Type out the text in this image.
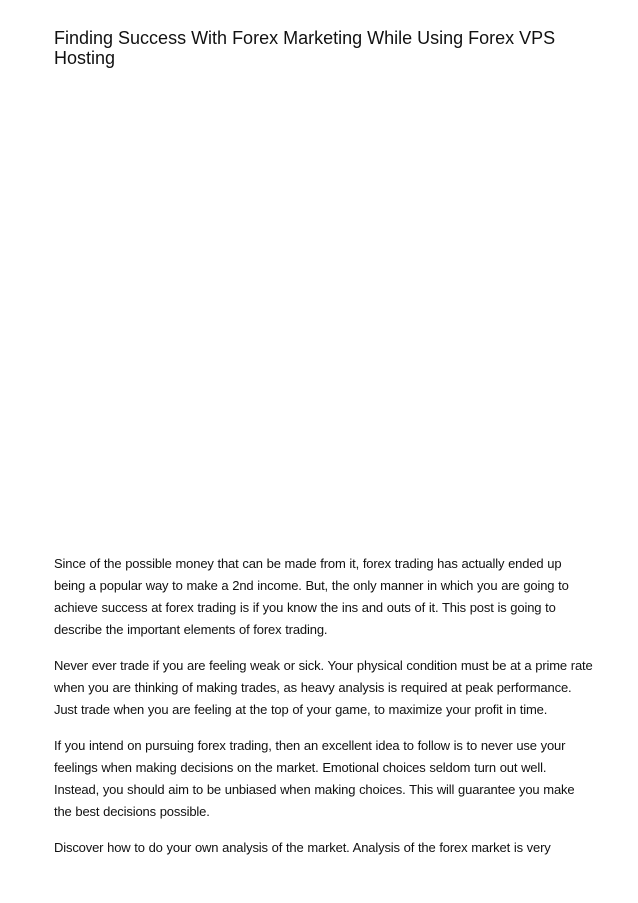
Finding Success With Forex Marketing While Using Forex VPS Hosting

Since of the possible money that can be made from it, forex trading has actually ended up being a popular way to make a 2nd income. But, the only manner in which you are going to achieve success at forex trading is if you know the ins and outs of it. This post is going to describe the important elements of forex trading.

Never ever trade if you are feeling weak or sick. Your physical condition must be at a prime rate when you are thinking of making trades, as heavy analysis is required at peak performance. Just trade when you are feeling at the top of your game, to maximize your profit in time.

If you intend on pursuing forex trading, then an excellent idea to follow is to never use your feelings when making decisions on the market. Emotional choices seldom turn out well. Instead, you should aim to be unbiased when making choices. This will guarantee you make the best decisions possible.

Discover how to do your own analysis of the market. Analysis of the forex market is very
